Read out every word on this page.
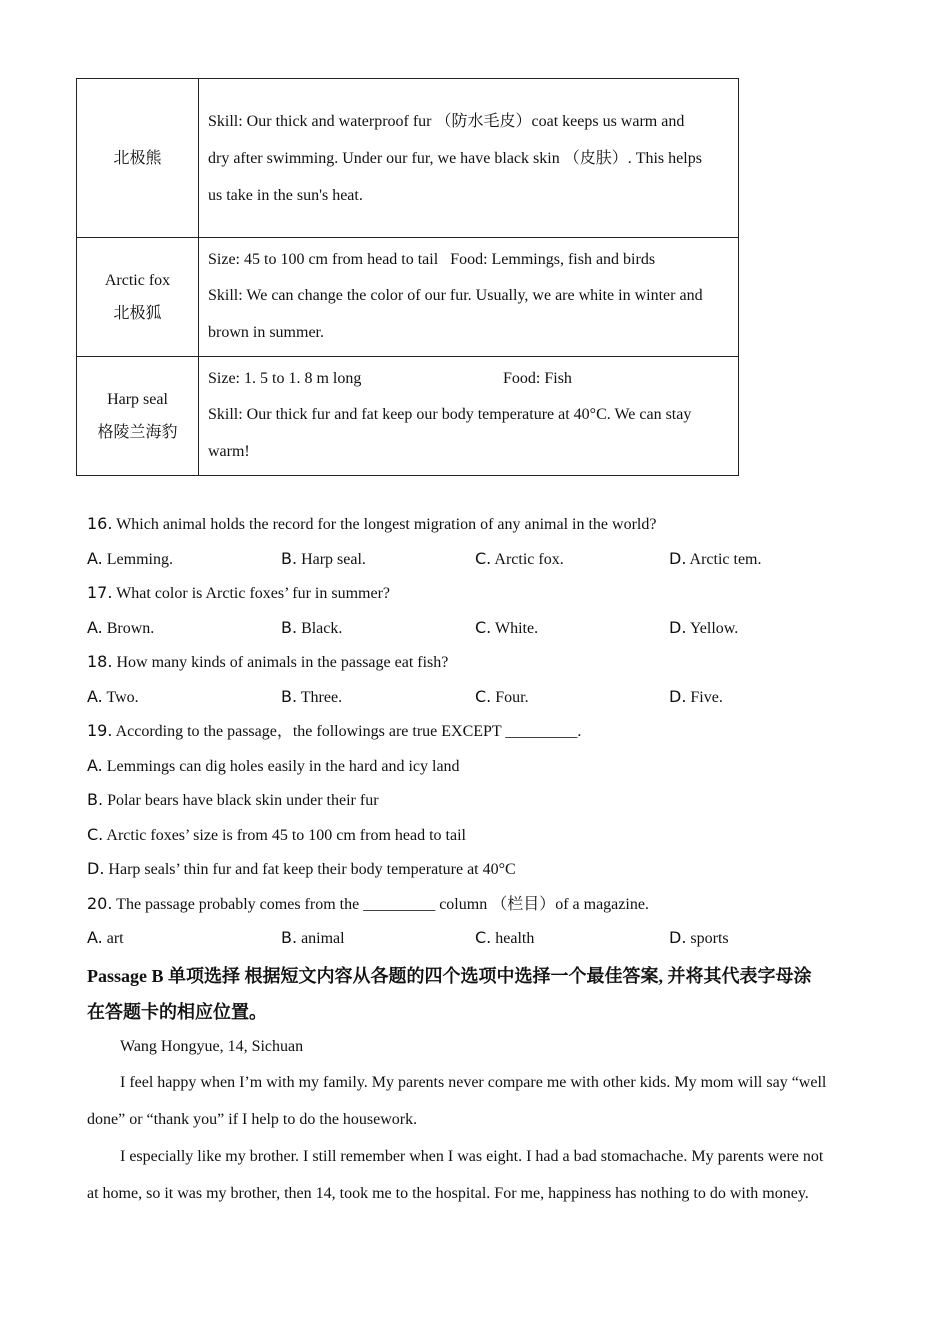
北极熊	Skill: Our thick and waterproof fur （防水毛皮）coat keeps us warm and
dry after swimming. Under our fur, we have black skin （皮肤）. This helps
us take in the sun's heat.

Arctic fox
北极狐	Size: 45 to 100 cm from head to tail Food: Lemmings, fish and birds
Skill: We can change the color of our fur. Usually, we are white in winter and
brown in summer.

Harp seal
格陵兰海豹	Size: 1. 5 to 1. 8 m long Food: Fish
Skill: Our thick fur and fat keep our body temperature at 40°C. We can stay
warm!
16. Which animal holds the record for the longest migration of any animal in the world?
A. Lemming.	B. Harp seal.	C. Arctic fox.	D. Arctic tem.
17. What color is Arctic foxes’ fur in summer?
A. Brown.	B. Black.	C. White.	D. Yellow.
18. How many kinds of animals in the passage eat fish?
A. Two.	B. Three.	C. Four.	D. Five.
19. According to the passage，the followings are true EXCEPT _________.
A. Lemmings can dig holes easily in the hard and icy land
B. Polar bears have black skin under their fur
C. Arctic foxes’ size is from 45 to 100 cm from head to tail
D. Harp seals’ thin fur and fat keep their body temperature at 40°C
20. The passage probably comes from the _________ column （栏目）of a magazine.
A. art	B. animal	C. health	D. sports
Passage B 单项选择 根据短文内容从各题的四个选项中选择一个最佳答案, 并将其代表字母涂
在答题卡的相应位置。
Wang Hongyue, 14, Sichuan
I feel happy when I’m with my family. My parents never compare me with other kids. My mom will say “well
done” or “thank you” if I help to do the housework.
I especially like my brother. I still remember when I was eight. I had a bad stomachache. My parents were not
at home, so it was my brother, then 14, took me to the hospital. For me, happiness has nothing to do with money.
